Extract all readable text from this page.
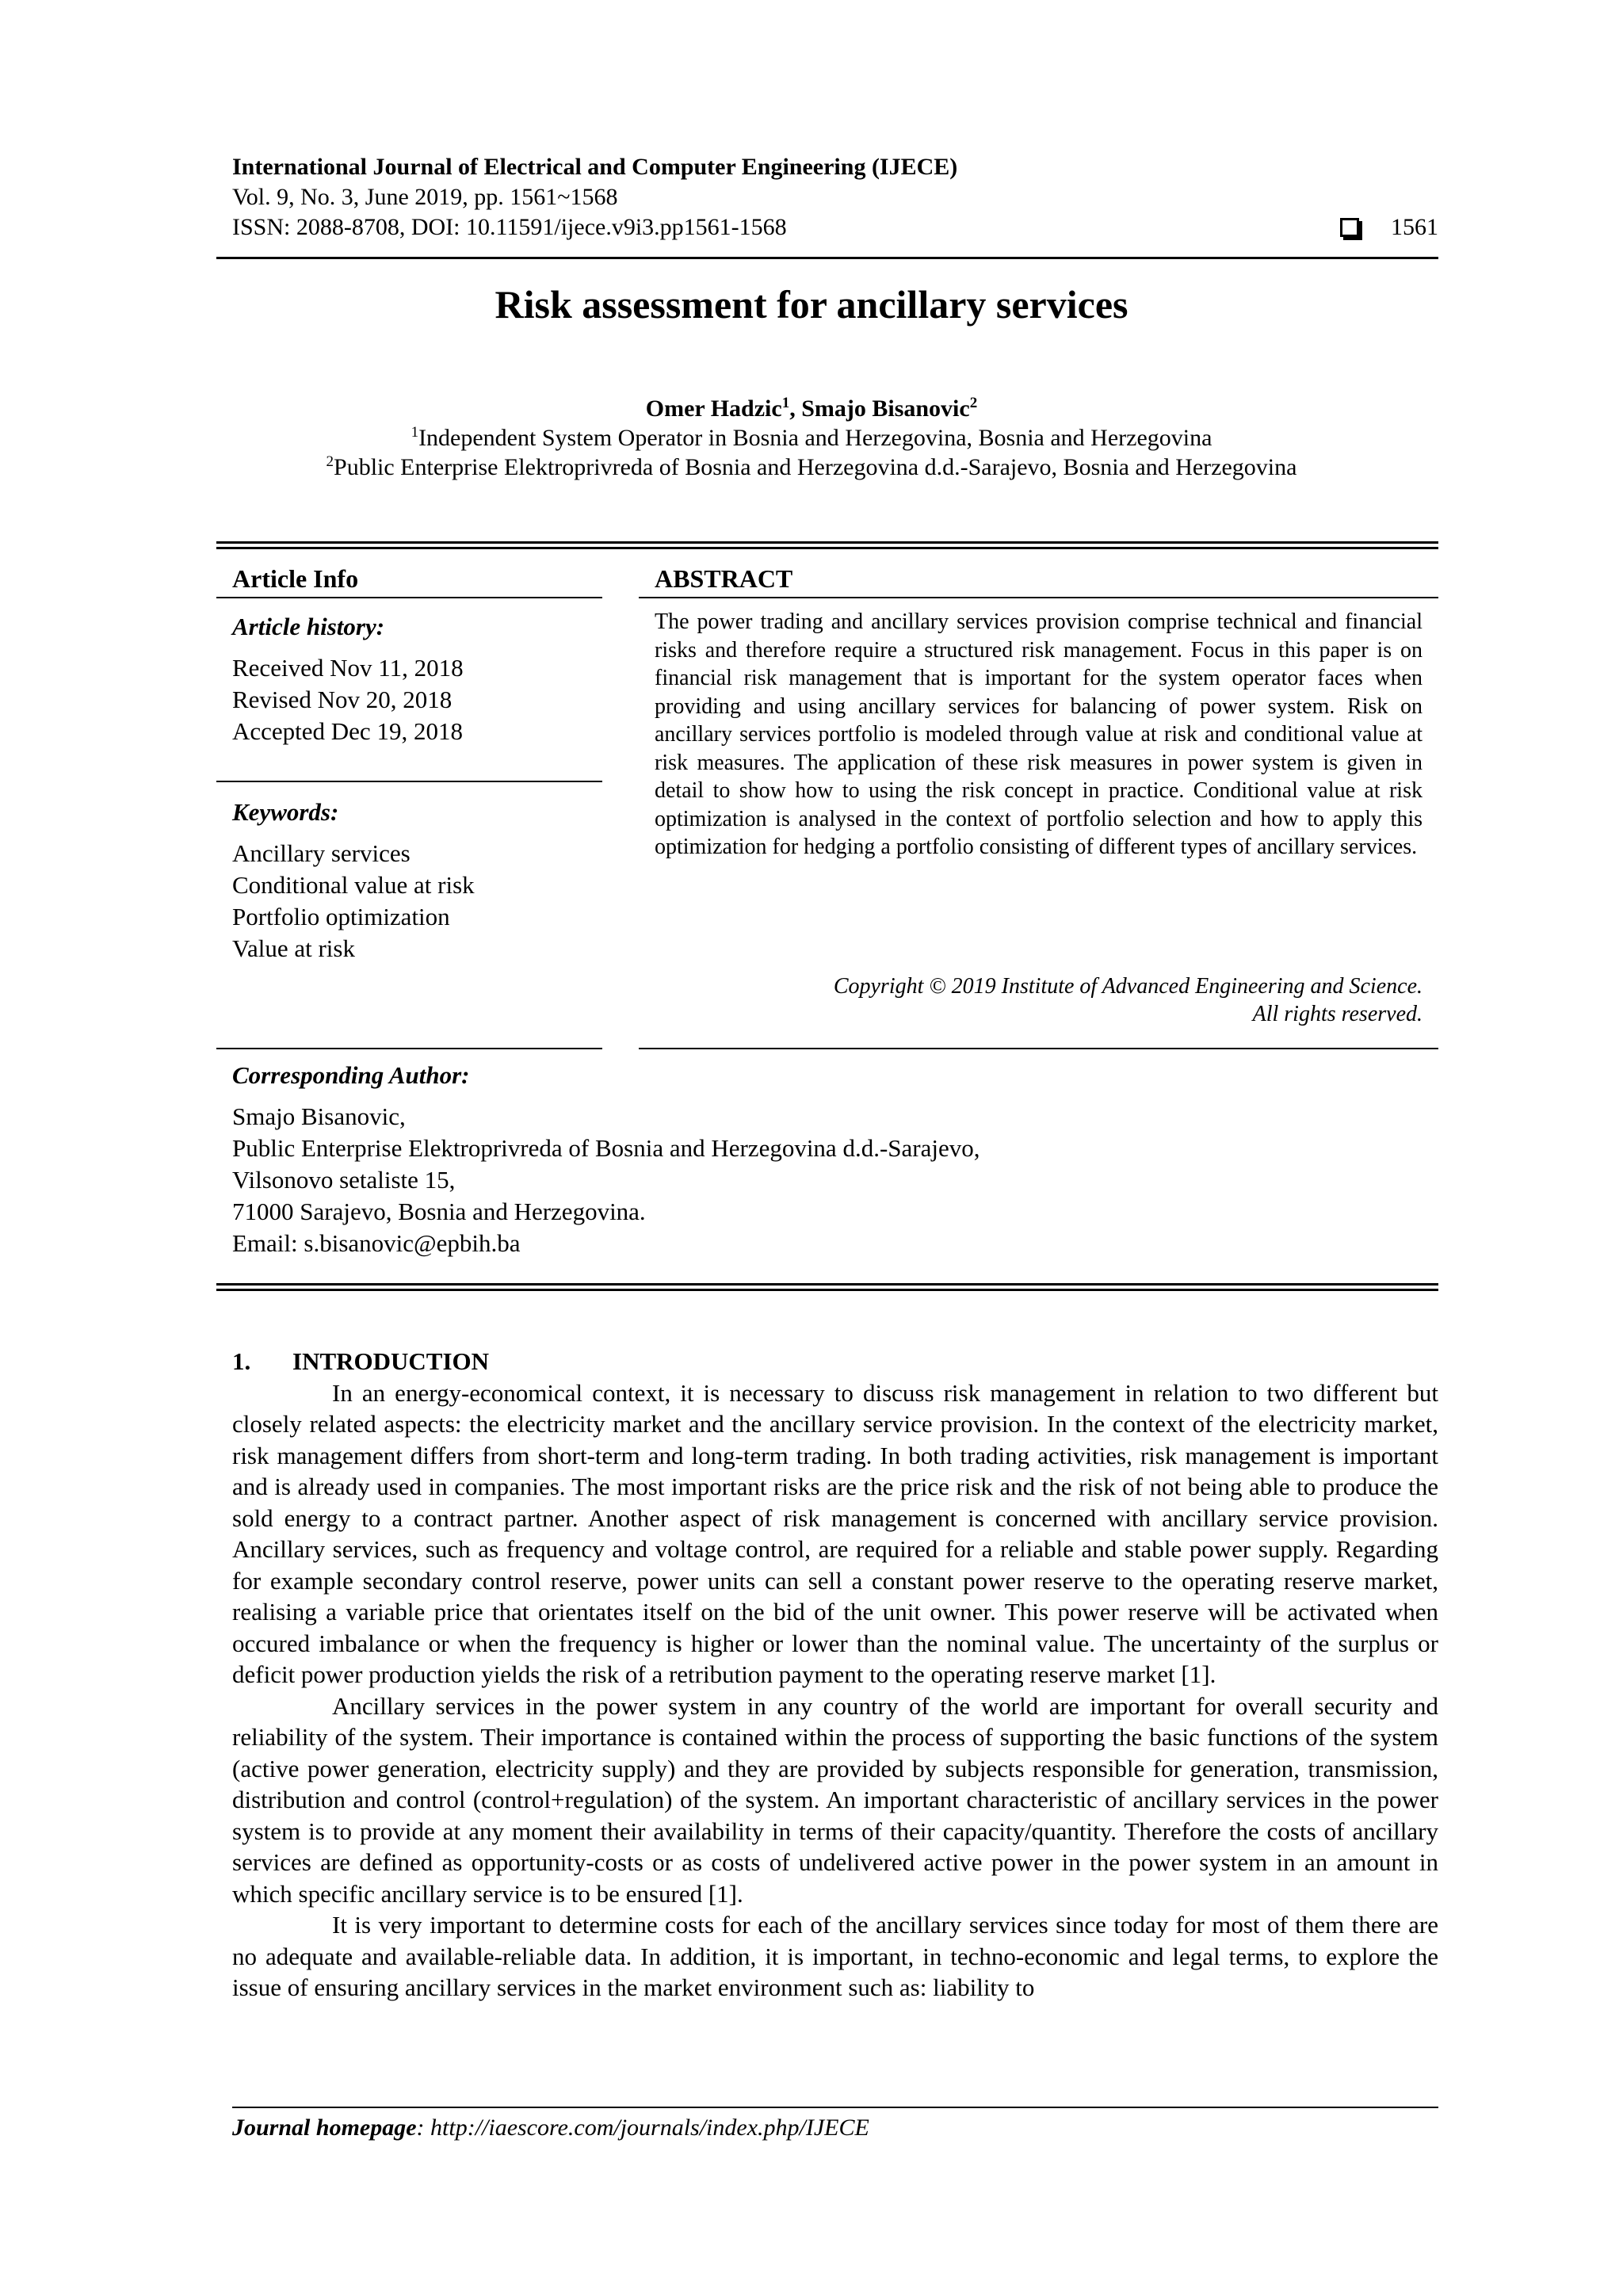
International Journal of Electrical and Computer Engineering (IJECE)
Vol. 9, No. 3, June 2019, pp. 1561~1568
ISSN: 2088-8708, DOI: 10.11591/ijece.v9i3.pp1561-1568	1561
Risk assessment for ancillary services
Omer Hadzic$^1$, Smajo Bisanovic$^2$
$^1$Independent System Operator in Bosnia and Herzegovina, Bosnia and Herzegovina
$^2$Public Enterprise Elektroprivreda of Bosnia and Herzegovina d.d.-Sarajevo, Bosnia and Herzegovina
Article Info
Article history:
Received Nov 11, 2018
Revised Nov 20, 2018
Accepted Dec 19, 2018
Keywords:
Ancillary services
Conditional value at risk
Portfolio optimization
Value at risk
ABSTRACT
The power trading and ancillary services provision comprise technical and financial risks and therefore require a structured risk management. Focus in this paper is on financial risk management that is important for the system operator faces when providing and using ancillary services for balancing of power system. Risk on ancillary services portfolio is modeled through value at risk and conditional value at risk measures. The application of these risk measures in power system is given in detail to show how to using the risk concept in practice. Conditional value at risk optimization is analysed in the context of portfolio selection and how to apply this optimization for hedging a portfolio consisting of different types of ancillary services.
Copyright © 2019 Institute of Advanced Engineering and Science.
All rights reserved.
Corresponding Author:
Smajo Bisanovic,
Public Enterprise Elektroprivreda of Bosnia and Herzegovina d.d.-Sarajevo,
Vilsonovo setaliste 15,
71000 Sarajevo, Bosnia and Herzegovina.
Email: s.bisanovic@epbih.ba
1. INTRODUCTION

In an energy-economical context, it is necessary to discuss risk management in relation to two different but closely related aspects: the electricity market and the ancillary service provision. In the context of the electricity market, risk management differs from short-term and long-term trading. In both trading activities, risk management is important and is already used in companies. The most important risks are the price risk and the risk of not being able to produce the sold energy to a contract partner. Another aspect of risk management is concerned with ancillary service provision. Ancillary services, such as frequency and voltage control, are required for a reliable and stable power supply. Regarding for example secondary control reserve, power units can sell a constant power reserve to the operating reserve market, realising a variable price that orientates itself on the bid of the unit owner. This power reserve will be activated when occured imbalance or when the frequency is higher or lower than the nominal value. The uncertainty of the surplus or deficit power production yields the risk of a retribution payment to the operating reserve market [1].

Ancillary services in the power system in any country of the world are important for overall security and reliability of the system. Their importance is contained within the process of supporting the basic functions of the system (active power generation, electricity supply) and they are provided by subjects responsible for generation, transmission, distribution and control (control+regulation) of the system. An important characteristic of ancillary services in the power system is to provide at any moment their availability in terms of their capacity/quantity. Therefore the costs of ancillary services are defined as opportunity-costs or as costs of undelivered active power in the power system in an amount in which specific ancillary service is to be ensured [1].

It is very important to determine costs for each of the ancillary services since today for most of them there are no adequate and available-reliable data. In addition, it is important, in techno-economic and legal terms, to explore the issue of ensuring ancillary services in the market environment such as: liability to

Journal homepage: http://iaescore.com/journals/index.php/IJECE
